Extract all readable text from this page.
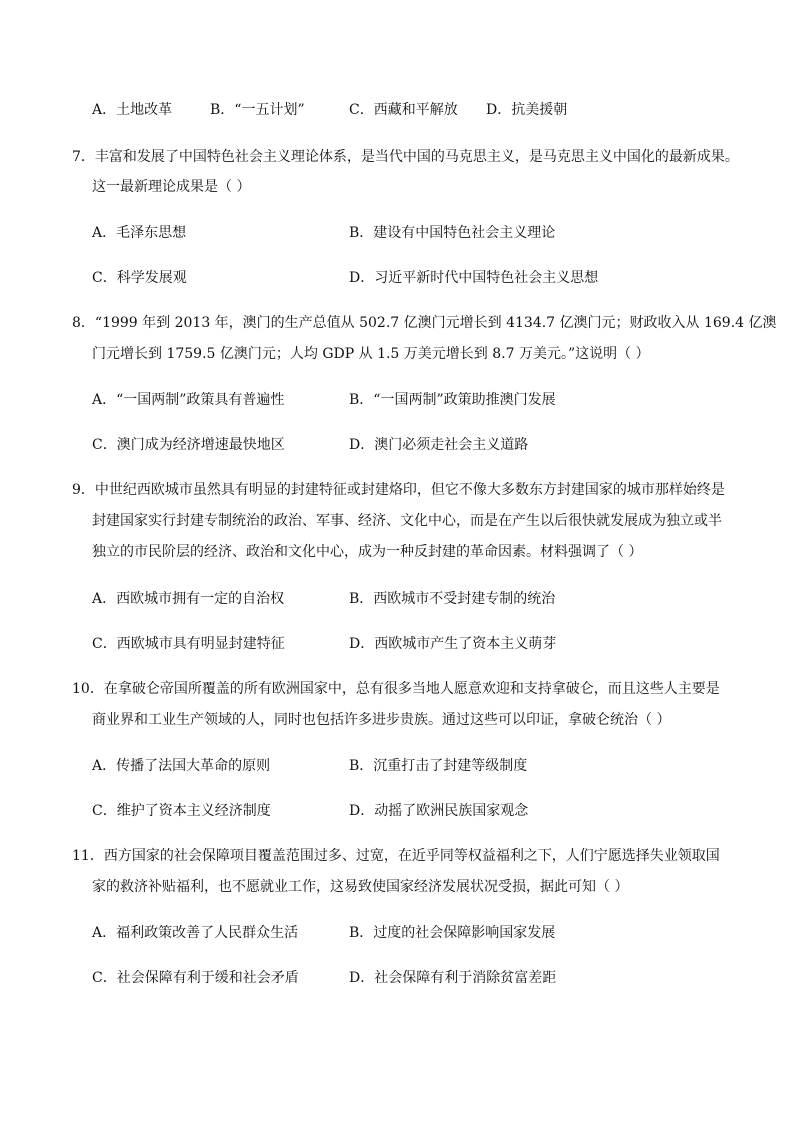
A．土地改革	B．“一五计划”	C．西藏和平解放 D．抗美援朝
7．丰富和发展了中国特色社会主义理论体系，是当代中国的马克思主义，是马克思主义中国化的最新成果。
这一最新理论成果是（ ）
A．毛泽东思想	B．建设有中国特色社会主义理论
C．科学发展观	D．习近平新时代中国特色社会主义思想
8．“1999 年到 2013 年，澳门的生产总值从 502.7 亿澳门元增长到 4134.7 亿澳门元；财政收入从 169.4 亿澳
门元增长到 1759.5 亿澳门元；人均 GDP 从 1.5 万美元增长到 8.7 万美元。”这说明（ ）
A．“一国两制”政策具有普遍性	B．“一国两制”政策助推澳门发展
C．澳门成为经济增速最快地区	D．澳门必须走社会主义道路
9．中世纪西欧城市虽然具有明显的封建特征或封建烙印，但它不像大多数东方封建国家的城市那样始终是
封建国家实行封建专制统治的政治、军事、经济、文化中心，而是在产生以后很快就发展成为独立或半
独立的市民阶层的经济、政治和文化中心，成为一种反封建的革命因素。材料强调了（ ）
A．西欧城市拥有一定的自治权	B．西欧城市不受封建专制的统治
C．西欧城市具有明显封建特征	D．西欧城市产生了资本主义萌芽
10．在拿破仑帝国所覆盖的所有欧洲国家中，总有很多当地人愿意欢迎和支持拿破仑，而且这些人主要是
商业界和工业生产领域的人，同时也包括许多进步贵族。通过这些可以印证，拿破仑统治（ ）
A．传播了法国大革命的原则	B．沉重打击了封建等级制度
C．维护了资本主义经济制度	D．动摇了欧洲民族国家观念
11．西方国家的社会保障项目覆盖范围过多、过宽，在近乎同等权益福利之下，人们宁愿选择失业领取国
家的救济补贴福利，也不愿就业工作，这易致使国家经济发展状况受损，据此可知（ ）
A．福利政策改善了人民群众生活	B．过度的社会保障影响国家发展
C．社会保障有利于缓和社会矛盾	D．社会保障有利于消除贫富差距
